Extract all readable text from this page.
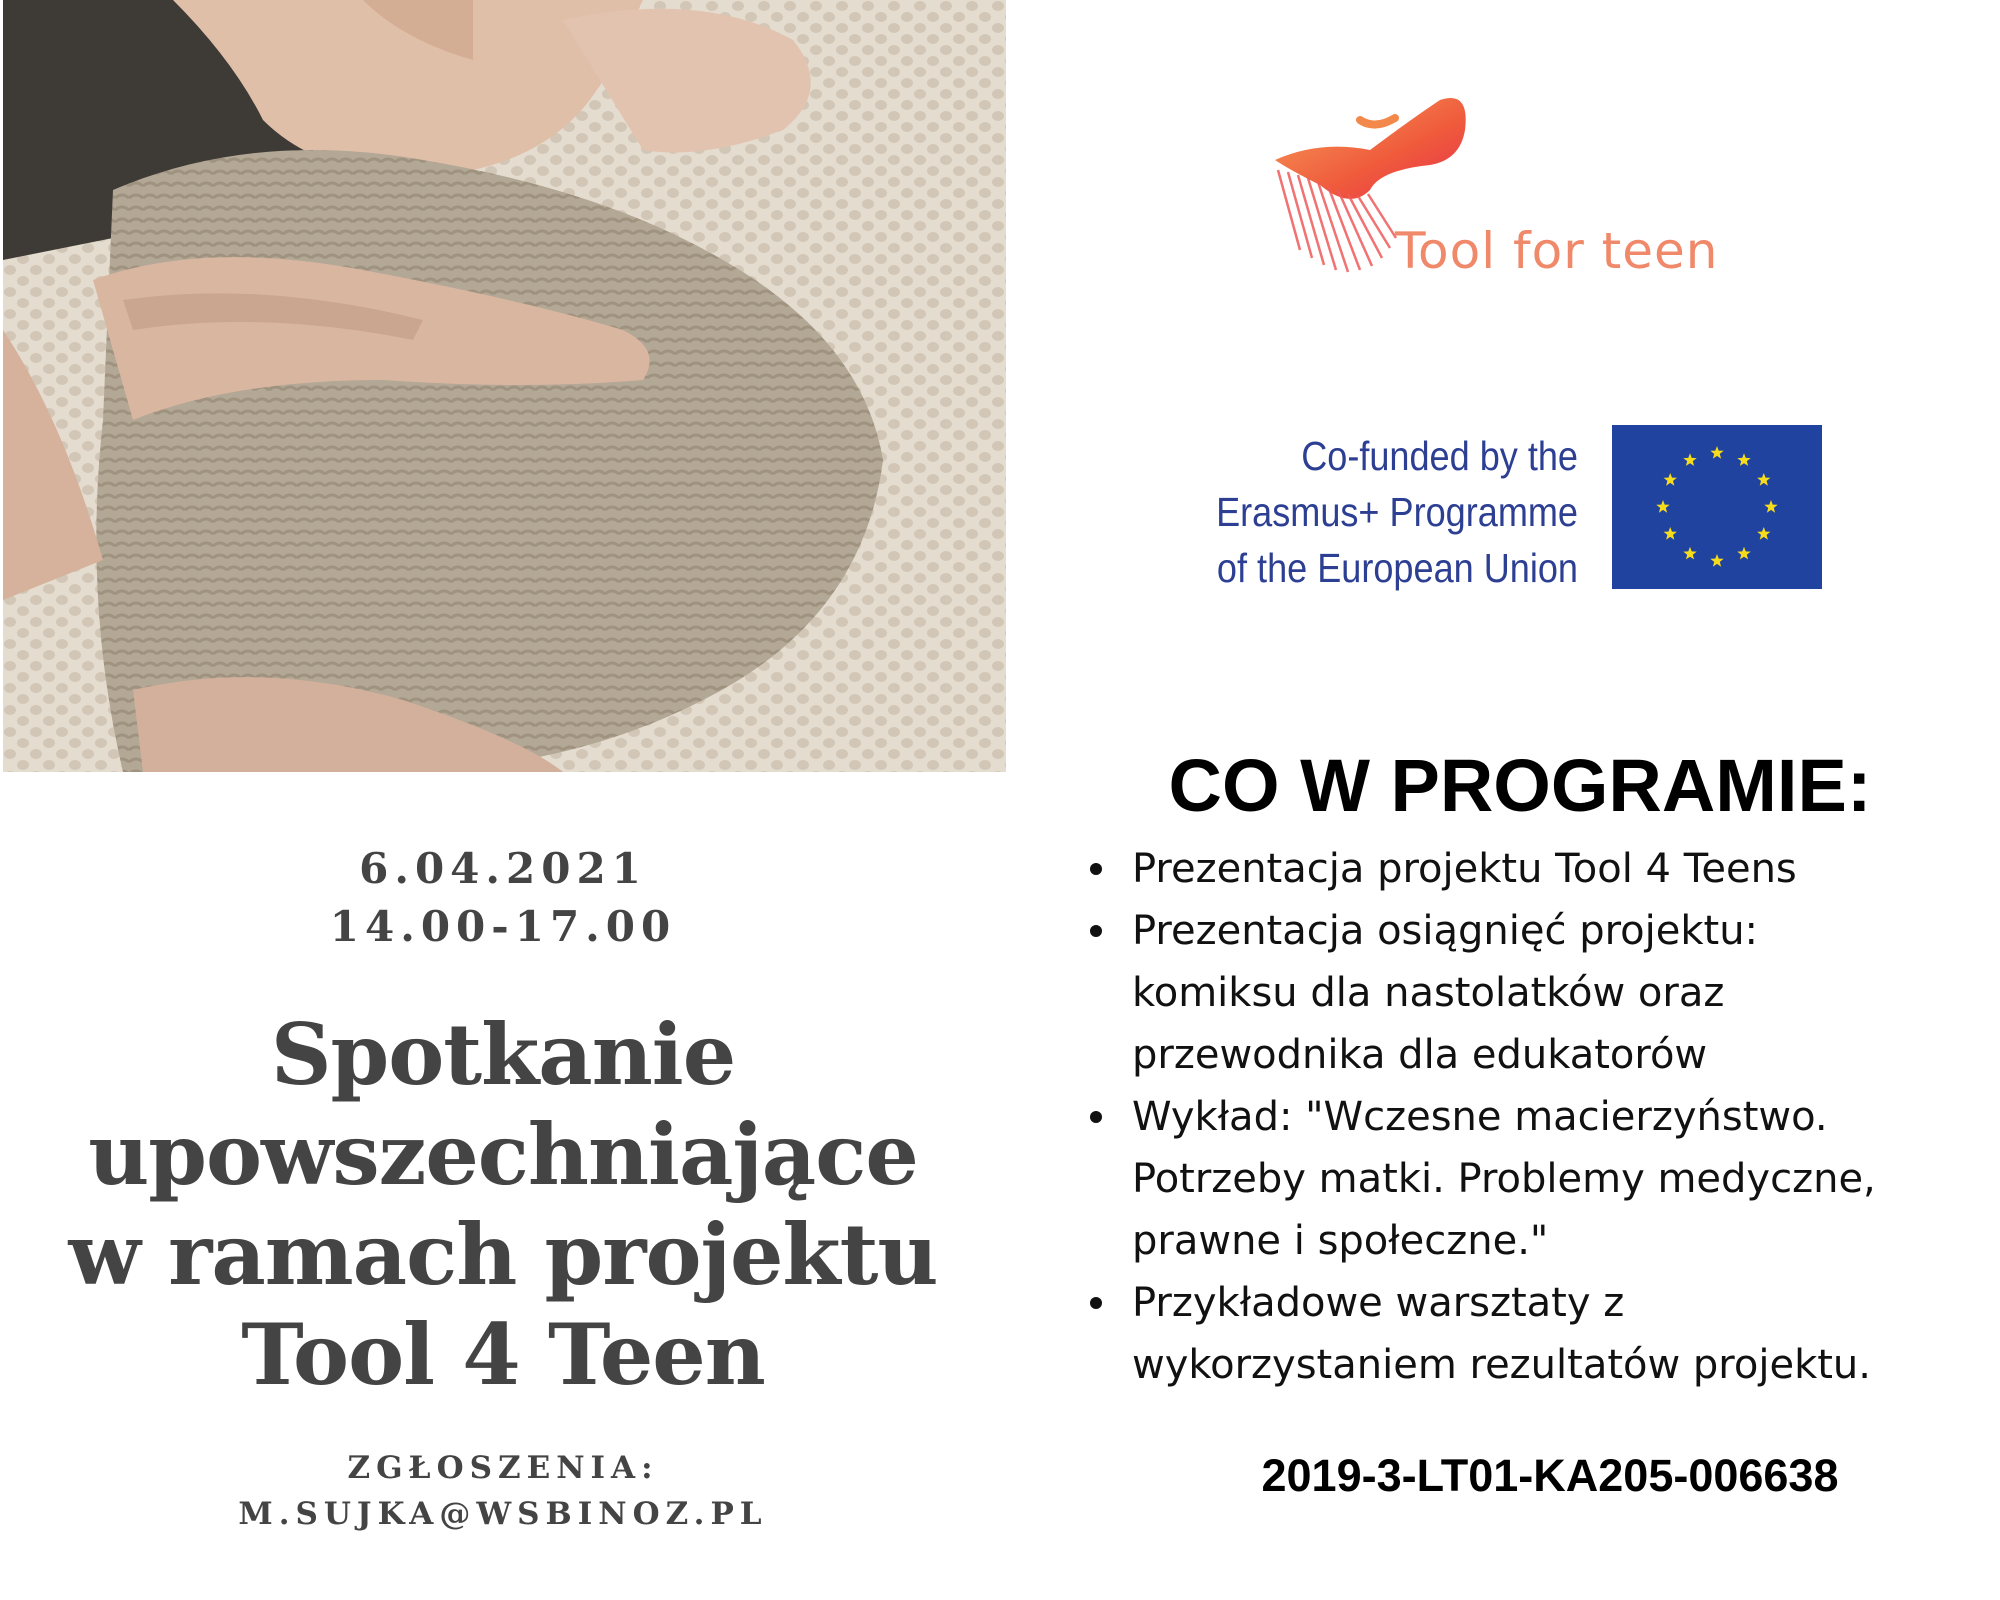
6.04.2021
14.00-17.00
Spotkanie
upowszechniające
w ramach projektu
Tool 4 Teen
ZGŁOSZENIA:
M.SUJKA@WSBINOZ.PL
Tool for teen
Co-funded by the
Erasmus+ Programme
of the European Union
CO W PROGRAMIE:
Prezentacja projektu Tool 4 Teens
Prezentacja osiągnięć projektu:
komiksu dla nastolatków oraz
przewodnika dla edukatorów
Wykład: "Wczesne macierzyństwo.
Potrzeby matki. Problemy medyczne,
prawne i społeczne."
Przykładowe warsztaty z
wykorzystaniem rezultatów projektu.
2019-3-LT01-KA205-006638
